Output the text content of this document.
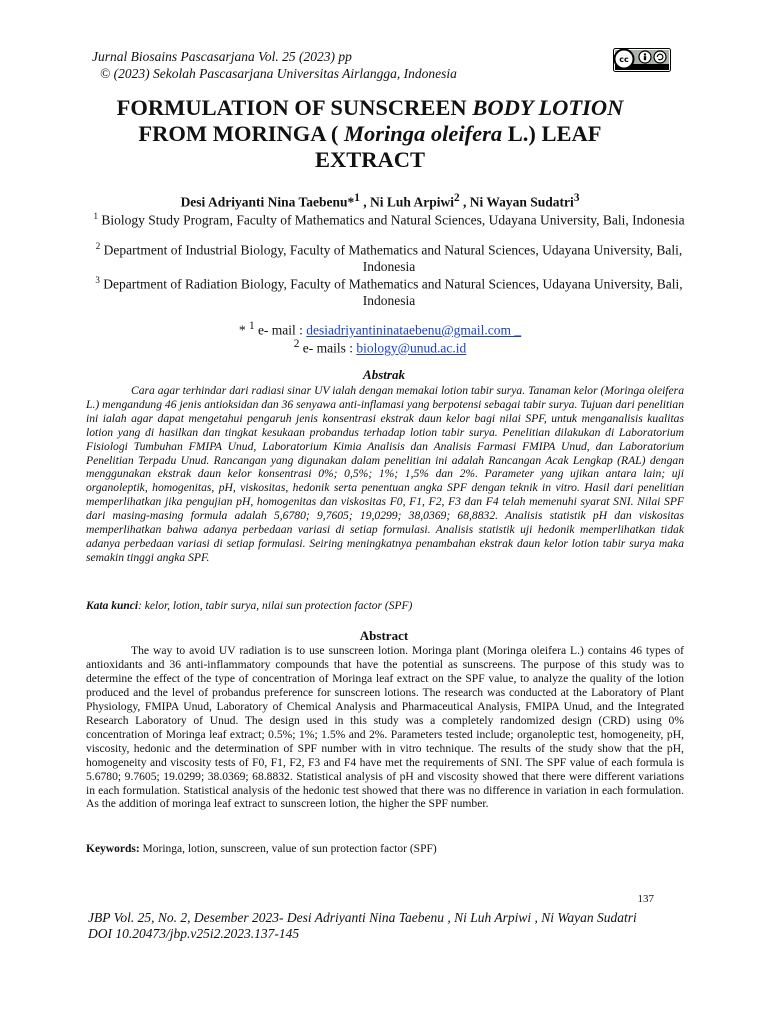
Jurnal Biosains Pascasarjana Vol. 25 (2023) pp
© (2023) Sekolah Pascasarjana Universitas Airlangga, Indonesia
cc
FORMULATION OF SUNSCREEN BODY LOTION
FROM MORINGA ( Moringa oleifera L.) LEAF
EXTRACT
Desi Adriyanti Nina Taebenu*$^1$ , Ni Luh Arpiwi$^2$ , Ni Wayan Sudatri$^3$
$^1$ Biology Study Program, Faculty of Mathematics and Natural Sciences, Udayana University, Bali, Indonesia
$^2$ Department of Industrial Biology, Faculty of Mathematics and Natural Sciences, Udayana University, Bali, Indonesia
$^3$ Department of Radiation Biology, Faculty of Mathematics and Natural Sciences, Udayana University, Bali, Indonesia
* $^1$ e- mail : desiadriyantininataebenu@gmail.com _
$^2$ e- mails : biology@unud.ac.id
Abstrak
Cara agar terhindar dari radiasi sinar UV ialah dengan memakai lotion tabir surya. Tanaman kelor (Moringa oleifera L.) mengandung 46 jenis antioksidan dan 36 senyawa anti-inflamasi yang berpotensi sebagai tabir surya. Tujuan dari penelitian ini ialah agar dapat mengetahui pengaruh jenis konsentrasi ekstrak daun kelor bagi nilai SPF, untuk menganalisis kualitas lotion yang di hasilkan dan tingkat kesukaan probandus terhadap lotion tabir surya. Penelitian dilakukan di Laboratorium Fisiologi Tumbuhan FMIPA Unud, Laboratorium Kimia Analisis dan Analisis Farmasi FMIPA Unud, dan Laboratorium Penelitian Terpadu Unud. Rancangan yang digunakan dalam penelitian ini adalah Rancangan Acak Lengkap (RAL) dengan menggunakan ekstrak daun kelor konsentrasi 0%; 0,5%; 1%; 1,5% dan 2%. Parameter yang ujikan antara lain; uji organoleptik, homogenitas, pH, viskositas, hedonik serta penentuan angka SPF dengan teknik in vitro. Hasil dari penelitian memperlihatkan jika pengujian pH, homogenitas dan viskositas F0, F1, F2, F3 dan F4 telah memenuhi syarat SNI. Nilai SPF dari masing-masing formula adalah 5,6780; 9,7605; 19,0299; 38,0369; 68,8832. Analisis statistik pH dan viskositas memperlihatkan bahwa adanya perbedaan variasi di setiap formulasi. Analisis statistik uji hedonik memperlihatkan tidak adanya perbedaan variasi di setiap formulasi. Seiring meningkatnya penambahan ekstrak daun kelor lotion tabir surya maka semakin tinggi angka SPF.
Kata kunci: kelor, lotion, tabir surya, nilai sun protection factor (SPF)
Abstract
The way to avoid UV radiation is to use sunscreen lotion. Moringa plant (Moringa oleifera L.) contains 46 types of antioxidants and 36 anti-inflammatory compounds that have the potential as sunscreens. The purpose of this study was to determine the effect of the type of concentration of Moringa leaf extract on the SPF value, to analyze the quality of the lotion produced and the level of probandus preference for sunscreen lotions. The research was conducted at the Laboratory of Plant Physiology, FMIPA Unud, Laboratory of Chemical Analysis and Pharmaceutical Analysis, FMIPA Unud, and the Integrated Research Laboratory of Unud. The design used in this study was a completely randomized design (CRD) using 0% concentration of Moringa leaf extract; 0.5%; 1%; 1.5% and 2%. Parameters tested include; organoleptic test, homogeneity, pH, viscosity, hedonic and the determination of SPF number with in vitro technique. The results of the study show that the pH, homogeneity and viscosity tests of F0, F1, F2, F3 and F4 have met the requirements of SNI. The SPF value of each formula is 5.6780; 9.7605; 19.0299; 38.0369; 68.8832. Statistical analysis of pH and viscosity showed that there were different variations in each formulation. Statistical analysis of the hedonic test showed that there was no difference in variation in each formulation. As the addition of moringa leaf extract to sunscreen lotion, the higher the SPF number.
Keywords: Moringa, lotion, sunscreen, value of sun protection factor (SPF)
137
JBP Vol. 25, No. 2, Desember 2023- Desi Adriyanti Nina Taebenu , Ni Luh Arpiwi , Ni Wayan Sudatri
DOI 10.20473/jbp.v25i2.2023.137-145
